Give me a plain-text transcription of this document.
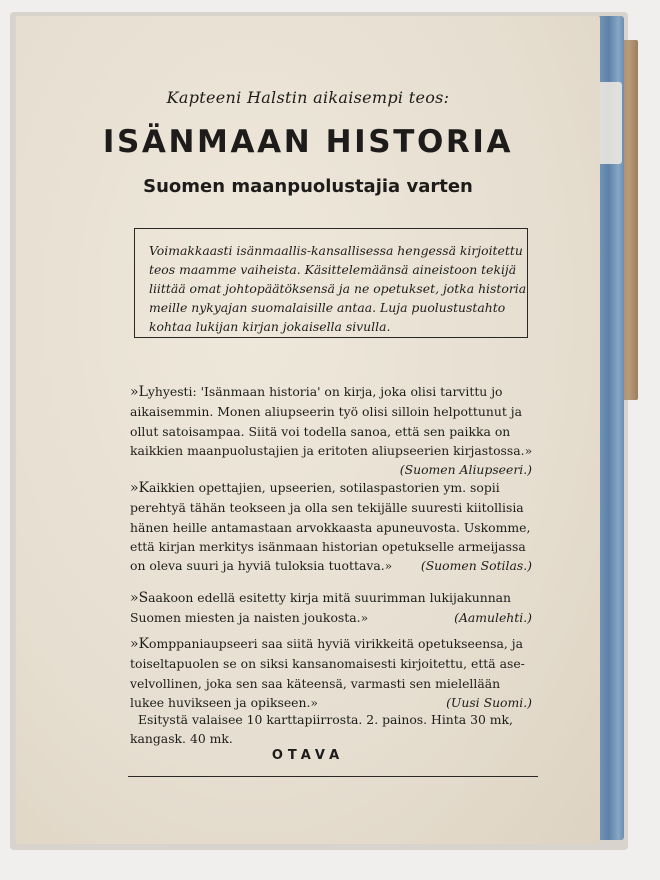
Kapteeni Halstin aikaisempi teos:
ISÄNMAAN HISTORIA
Suomen maanpuolustajia varten
Voimakkaasti isänmaallis-kansallisessa hengessä kirjoitettu
teos maamme vaiheista. Käsittelemäänsä aineistoon tekijä
liittää omat johtopäätöksensä ja ne opetukset, jotka historia
meille nykyajan suomalaisille antaa. Luja puolustustahto
kohtaa lukijan kirjan jokaisella sivulla.
»Lyhyesti: 'Isänmaan historia' on kirja, joka olisi tarvittu jo
aikaisemmin. Monen aliupseerin työ olisi silloin helpottunut ja
ollut satoisampaa. Siitä voi todella sanoa, että sen paikka on
kaikkien maanpuolustajien ja eritoten aliupseerien kirjastossa.»
(Suomen Aliupseeri.)
»Kaikkien opettajien, upseerien, sotilaspastorien ym. sopii
perehtyä tähän teokseen ja olla sen tekijälle suuresti kiitollisia
hänen heille antamastaan arvokkaasta apuneuvosta. Uskomme,
että kirjan merkitys isänmaan historian opetukselle armeijassa
on oleva suuri ja hyviä tuloksia tuottava.» (Suomen Sotilas.)
»Saakoon edellä esitetty kirja mitä suurimman lukijakunnan
Suomen miesten ja naisten joukosta.»	(Aamulehti.)
»Komppaniaupseeri saa siitä hyviä virikkeitä opetukseensa, ja
toiseltapuolen se on siksi kansanomaisesti kirjoitettu, että ase-
velvollinen, joka sen saa käteensä, varmasti sen mielellään
(Uusi Suomi.)
lukee huvikseen ja opikseen.»
Esitystä valaisee 10 karttapiirrosta. 2. painos. Hinta 30 mk,
kangask. 40 mk.
OTAVA
